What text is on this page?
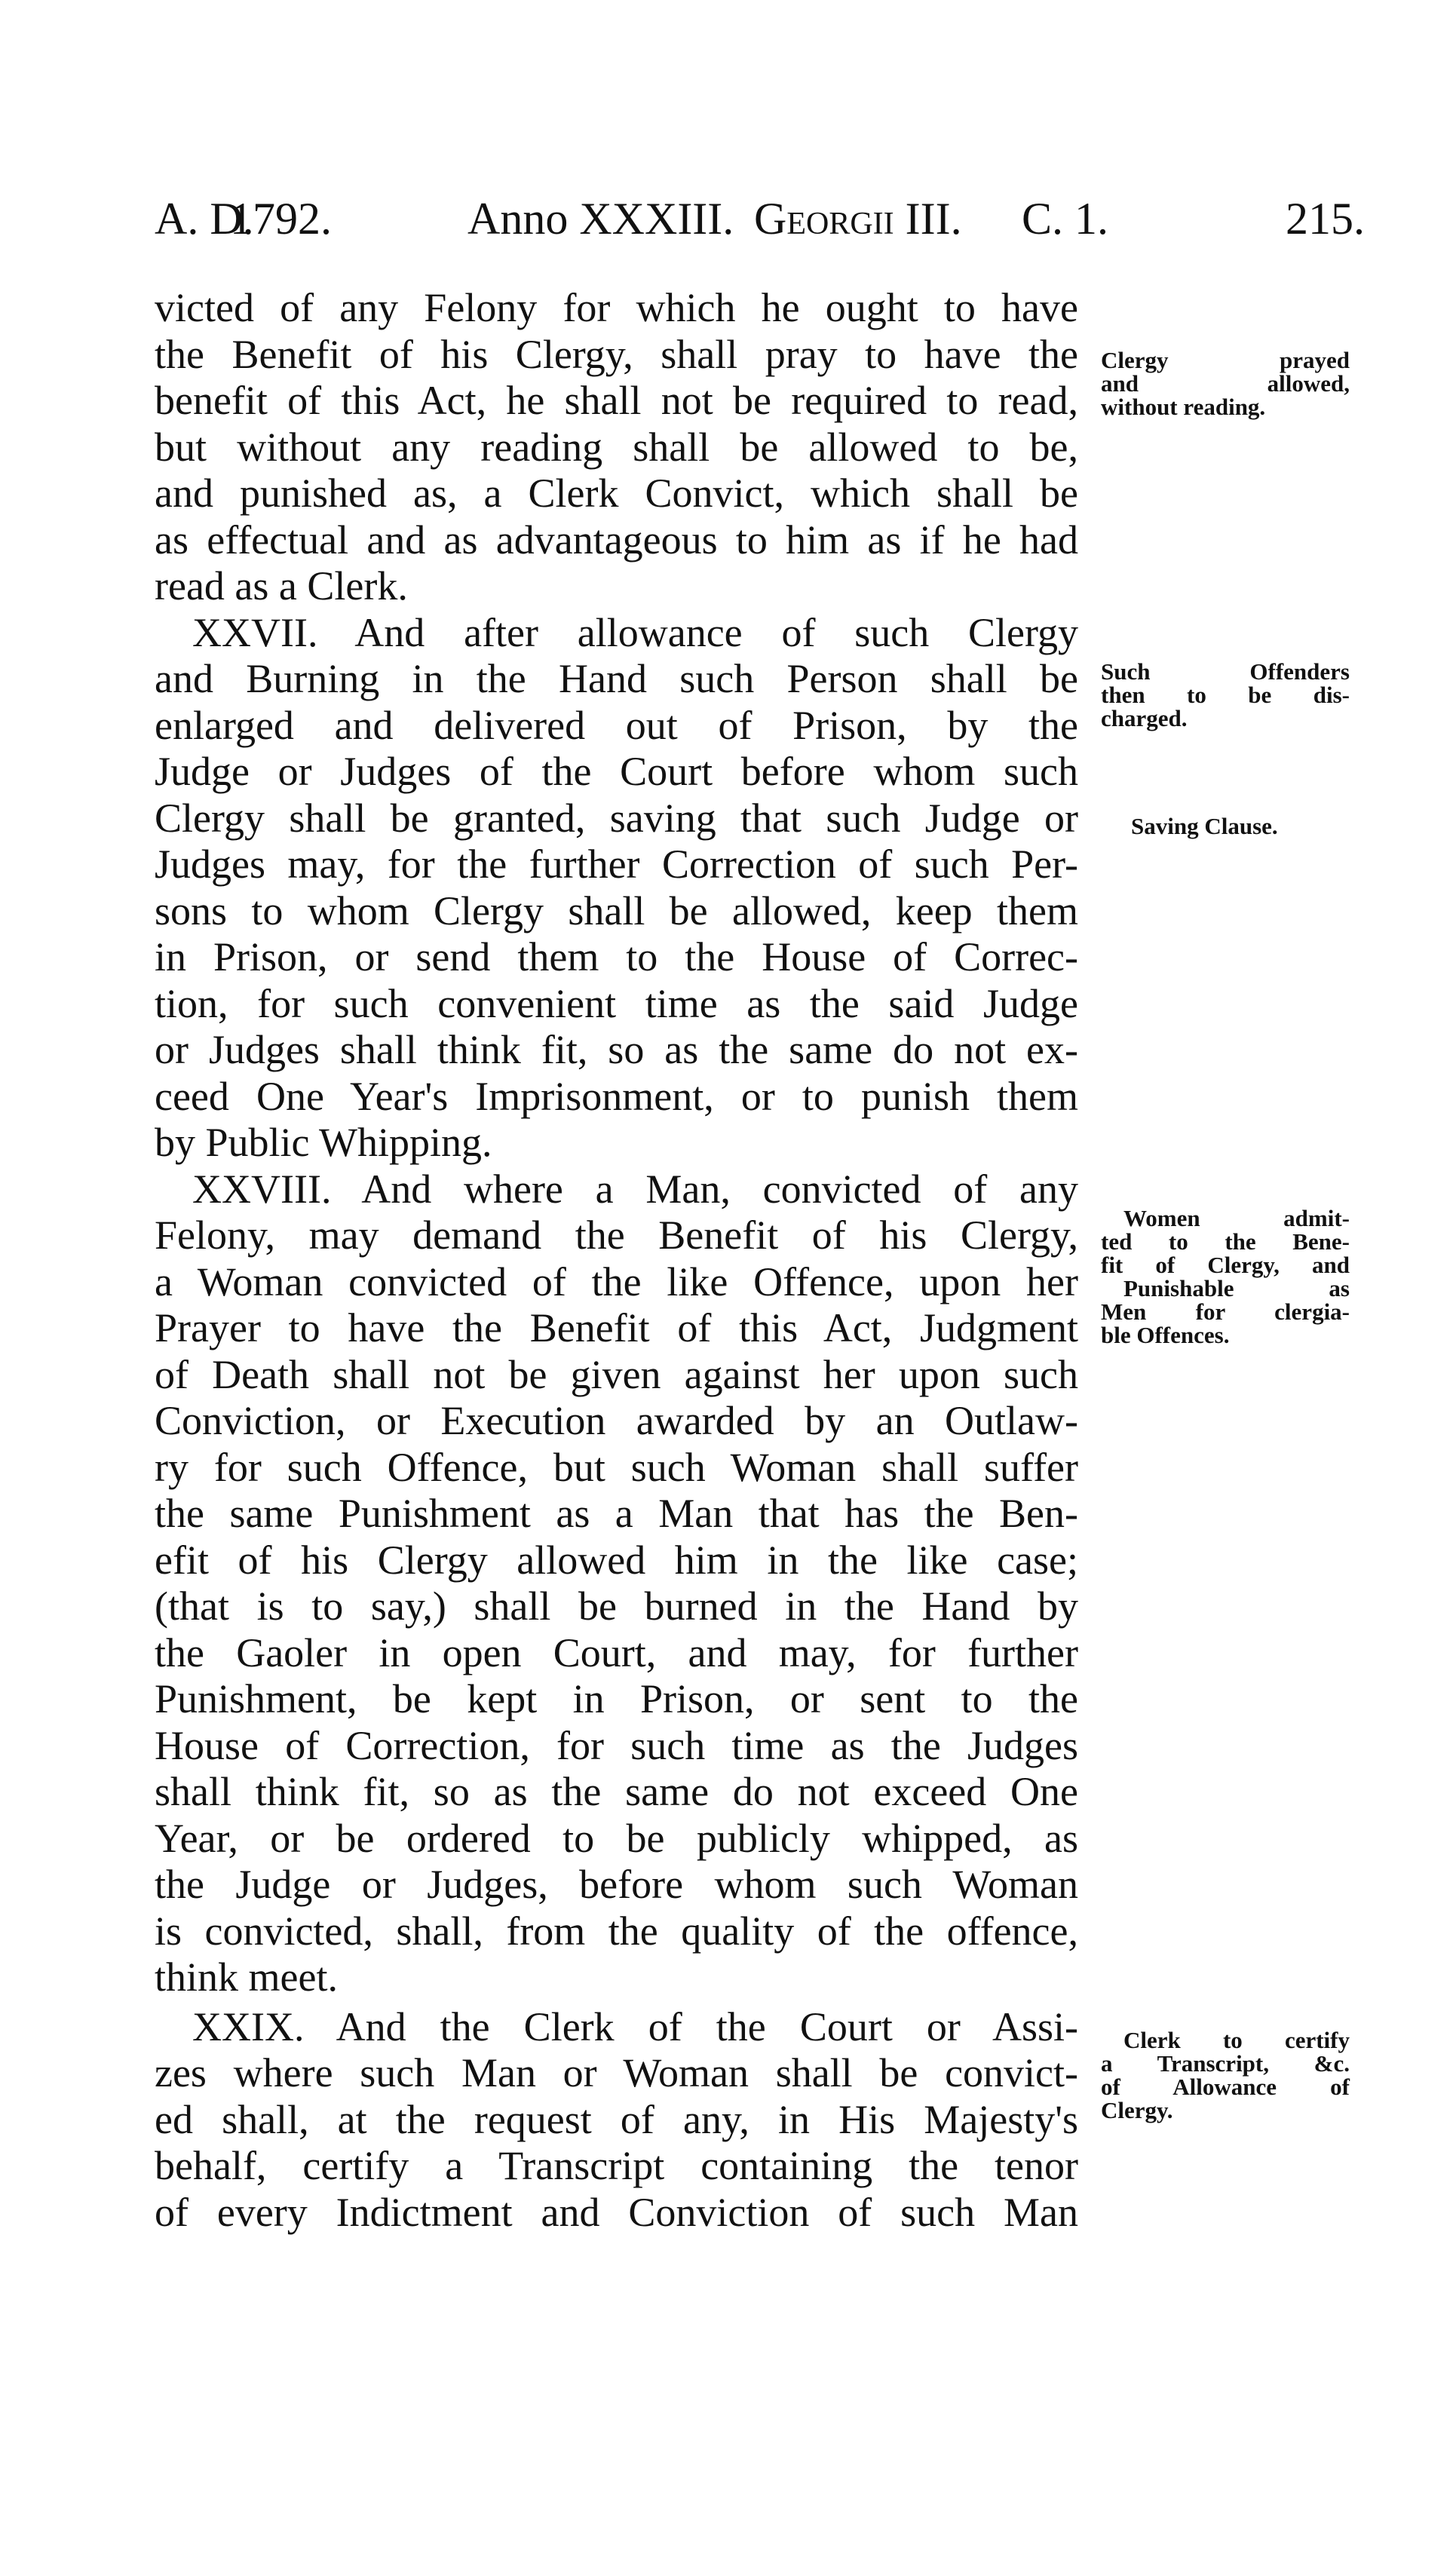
A. D.
1792.	Anno XXXIII. Georgii III. C. 1.	215.
victed of any Felony for which he ought to have
the Benefit of his Clergy, shall pray to have the
benefit of this Act, he shall not be required to read,
but without any reading shall be allowed to be,
and punished as, a Clerk Convict, which shall be
as effectual and as advantageous to him as if he had
read as a Clerk.
XXVII. And after allowance of such Clergy
and Burning in the Hand such Person shall be
enlarged and delivered out of Prison, by the
Judge or Judges of the Court before whom such
Clergy shall be granted, saving that such Judge or
Judges may, for the further Correction of such Per-
sons to whom Clergy shall be allowed, keep them
in Prison, or send them to the House of Correc-
tion, for such convenient time as the said Judge
or Judges shall think fit, so as the same do not ex-
ceed One Year's Imprisonment, or to punish them
by Public Whipping.
XXVIII. And where a Man, convicted of any
Felony, may demand the Benefit of his Clergy,
a Woman convicted of the like Offence, upon her
Prayer to have the Benefit of this Act, Judgment
of Death shall not be given against her upon such
Conviction, or Execution awarded by an Outlaw-
ry for such Offence, but such Woman shall suffer
the same Punishment as a Man that has the Ben-
efit of his Clergy allowed him in the like case;
(that is to say,) shall be burned in the Hand by
the Gaoler in open Court, and may, for further
Punishment, be kept in Prison, or sent to the
House of Correction, for such time as the Judges
shall think fit, so as the same do not exceed One
Year, or be ordered to be publicly whipped, as
the Judge or Judges, before whom such Woman
is convicted, shall, from the quality of the offence,
think meet.
XXIX. And the Clerk of the Court or Assi-
zes where such Man or Woman shall be convict-
ed shall, at the request of any, in His Majesty's
behalf, certify a Transcript containing the tenor
of every Indictment and Conviction of such Man
Clergy prayed
and allowed,
without reading.
Such Offenders
then to be dis-
charged.
Saving Clause.
Women admit-
ted to the Bene-
fit of Clergy, and
Punishable as
Men for clergia-
ble Offences.
Clerk to certify
a Transcript, &c.
of Allowance of
Clergy.
